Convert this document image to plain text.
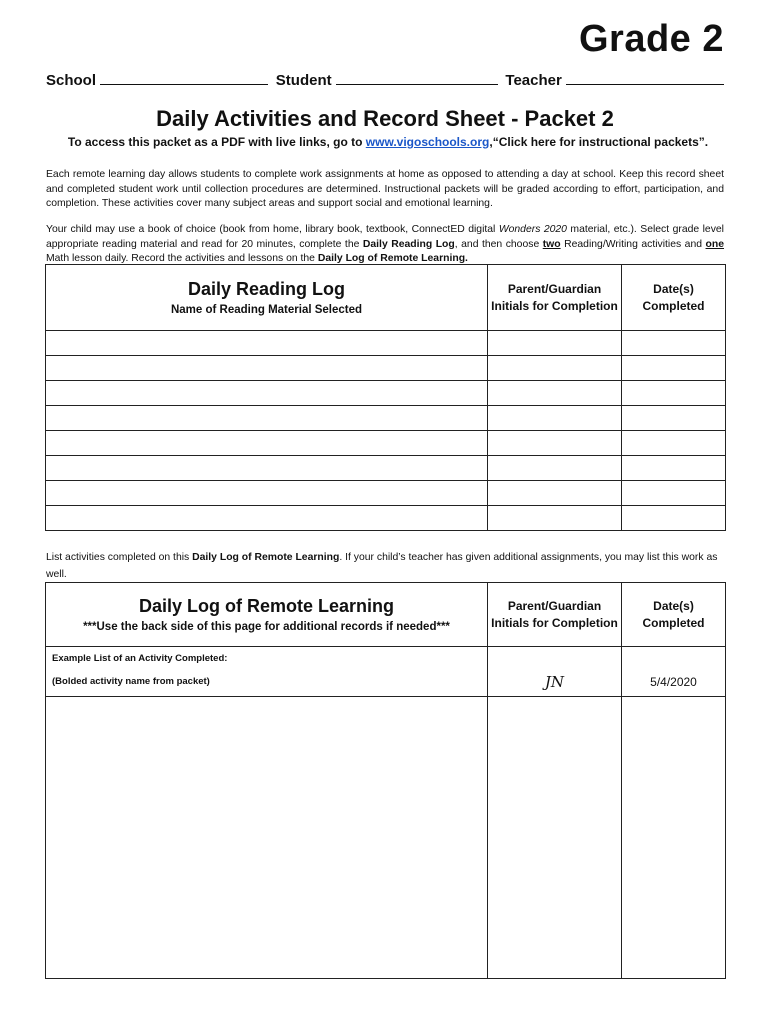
Grade 2
School	Student	Teacher
Daily Activities and Record Sheet - Packet 2
To access this packet as a PDF with live links, go to www.vigoschools.org,“Click here for instructional packets”.
Each remote learning day allows students to complete work assignments at home as opposed to attending a day at school. Keep this record sheet and completed student work until collection procedures are determined. Instructional packets will be graded according to effort, participation, and completion. These activities cover many subject areas and support social and emotional learning.
Your child may use a book of choice (book from home, library book, textbook, ConnectED digital Wonders 2020 material, etc.). Select grade level appropriate reading material and read for 20 minutes, complete the Daily Reading Log, and then choose two Reading/Writing activities and one Math lesson daily. Record the activities and lessons on the Daily Log of Remote Learning.
Daily Reading Log
Name of Reading Material Selected	Parent/Guardian Initials for Completion	Date(s) Completed

List activities completed on this Daily Log of Remote Learning. If your child’s teacher has given additional assignments, you may list this work as well.
Daily Log of Remote Learning
***Use the back side of this page for additional records if needed***	Parent/Guardian Initials for Completion	Date(s) Completed

Example List of an Activity Completed:
(Bolded activity name from packet)	JN	5/4/2020
